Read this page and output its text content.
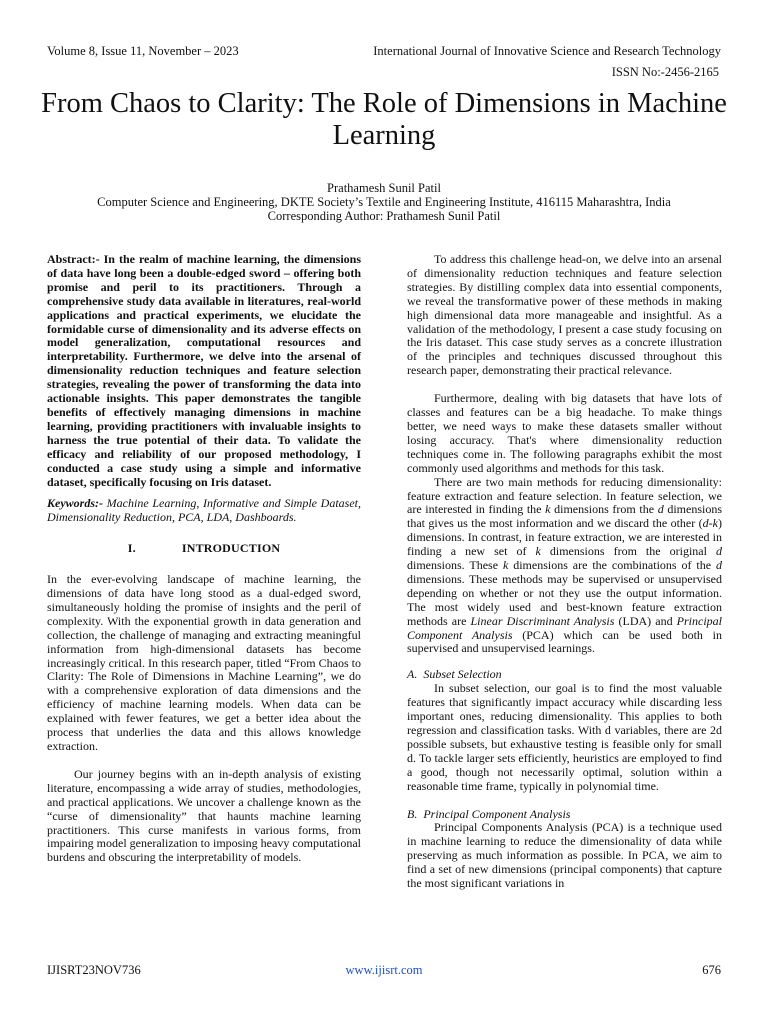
Volume 8, Issue 11, November – 2023	International Journal of Innovative Science and Research Technology
ISSN No:-2456-2165
From Chaos to Clarity: The Role of Dimensions in Machine Learning
Prathamesh Sunil Patil
Computer Science and Engineering, DKTE Society’s Textile and Engineering Institute, 416115 Maharashtra, India
Corresponding Author: Prathamesh Sunil Patil

Abstract:- In the realm of machine learning, the dimensions of data have long been a double-edged sword – offering both promise and peril to its practitioners. Through a comprehensive study data available in literatures, real-world applications and practical experiments, we elucidate the formidable curse of dimensionality and its adverse effects on model generalization, computational resources and interpretability. Furthermore, we delve into the arsenal of dimensionality reduction techniques and feature selection strategies, revealing the power of transforming the data into actionable insights. This paper demonstrates the tangible benefits of effectively managing dimensions in machine learning, providing practitioners with invaluable insights to harness the true potential of their data. To validate the efficacy and reliability of our proposed methodology, I conducted a case study using a simple and informative dataset, specifically focusing on Iris dataset.

Keywords:- Machine Learning, Informative and Simple Dataset, Dimensionality Reduction, PCA, LDA, Dashboards.

I.	INTRODUCTION

In the ever-evolving landscape of machine learning, the dimensions of data have long stood as a dual-edged sword, simultaneously holding the promise of insights and the peril of complexity. With the exponential growth in data generation and collection, the challenge of managing and extracting meaningful information from high-dimensional datasets has become increasingly critical. In this research paper, titled “From Chaos to Clarity: The Role of Dimensions in Machine Learning”, we do with a comprehensive exploration of data dimensions and the efficiency of machine learning models. When data can be explained with fewer features, we get a better idea about the process that underlies the data and this allows knowledge extraction.

Our journey begins with an in-depth analysis of existing literature, encompassing a wide array of studies, methodologies, and practical applications. We uncover a challenge known as the “curse of dimensionality” that haunts machine learning practitioners. This curse manifests in various forms, from impairing model generalization to imposing heavy computational burdens and obscuring the interpretability of models.

To address this challenge head-on, we delve into an arsenal of dimensionality reduction techniques and feature selection strategies. By distilling complex data into essential components, we reveal the transformative power of these methods in making high dimensional data more manageable and insightful. As a validation of the methodology, I present a case study focusing on the Iris dataset. This case study serves as a concrete illustration of the principles and techniques discussed throughout this research paper, demonstrating their practical relevance.

Furthermore, dealing with big datasets that have lots of classes and features can be a big headache. To make things better, we need ways to make these datasets smaller without losing accuracy. That's where dimensionality reduction techniques come in. The following paragraphs exhibit the most commonly used algorithms and methods for this task.

There are two main methods for reducing dimensionality: feature extraction and feature selection. In feature selection, we are interested in finding the k dimensions from the d dimensions that gives us the most information and we discard the other (d-k) dimensions. In contrast, in feature extraction, we are interested in finding a new set of k dimensions from the original d dimensions. These k dimensions are the combinations of the d dimensions. These methods may be supervised or unsupervised depending on whether or not they use the output information. The most widely used and best-known feature extraction methods are Linear Discriminant Analysis (LDA) and Principal Component Analysis (PCA) which can be used both in supervised and unsupervised learnings.

A. Subset Selection

In subset selection, our goal is to find the most valuable features that significantly impact accuracy while discarding less important ones, reducing dimensionality. This applies to both regression and classification tasks. With d variables, there are 2d possible subsets, but exhaustive testing is feasible only for small d. To tackle larger sets efficiently, heuristics are employed to find a good, though not necessarily optimal, solution within a reasonable time frame, typically in polynomial time.

B. Principal Component Analysis

Principal Components Analysis (PCA) is a technique used in machine learning to reduce the dimensionality of data while preserving as much information as possible. In PCA, we aim to find a set of new dimensions (principal components) that capture the most significant variations in

IJISRT23NOV736	www.ijisrt.com	676
